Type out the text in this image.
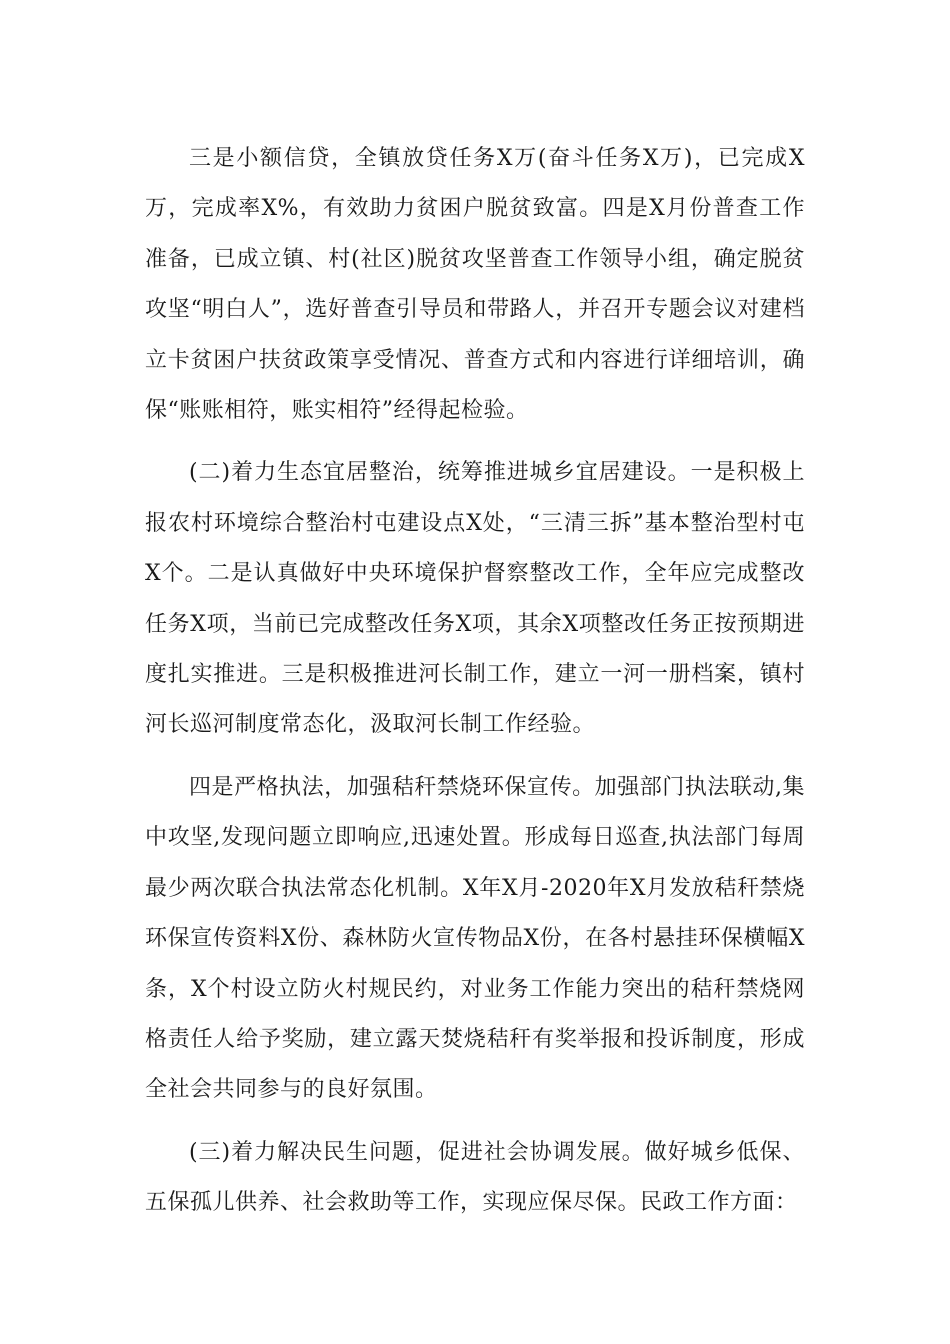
三是小额信贷，全镇放贷任务X万(奋斗任务X万)，已完成X万，完成率X%，有效助力贫困户脱贫致富。四是X月份普查工作准备，已成立镇、村(社区)脱贫攻坚普查工作领导小组，确定脱贫攻坚“明白人”，选好普查引导员和带路人，并召开专题会议对建档立卡贫困户扶贫政策享受情况、普查方式和内容进行详细培训，确保“账账相符，账实相符”经得起检验。

(二)着力生态宜居整治，统筹推进城乡宜居建设。一是积极上报农村环境综合整治村屯建设点X处，“三清三拆”基本整治型村屯X个。二是认真做好中央环境保护督察整改工作，全年应完成整改任务X项，当前已完成整改任务X项，其余X项整改任务正按预期进度扎实推进。三是积极推进河长制工作，建立一河一册档案，镇村河长巡河制度常态化，汲取河长制工作经验。

四是严格执法，加强秸秆禁烧环保宣传。加强部门执法联动,集中攻坚,发现问题立即响应,迅速处置。形成每日巡查,执法部门每周最少两次联合执法常态化机制。X年X月-2020年X月发放秸秆禁烧环保宣传资料X份、森林防火宣传物品X份，在各村悬挂环保横幅X条，X个村设立防火村规民约，对业务工作能力突出的秸秆禁烧网格责任人给予奖励，建立露天焚烧秸秆有奖举报和投诉制度，形成全社会共同参与的良好氛围。

(三)着力解决民生问题，促进社会协调发展。做好城乡低保、五保孤儿供养、社会救助等工作，实现应保尽保。民政工作方面：
